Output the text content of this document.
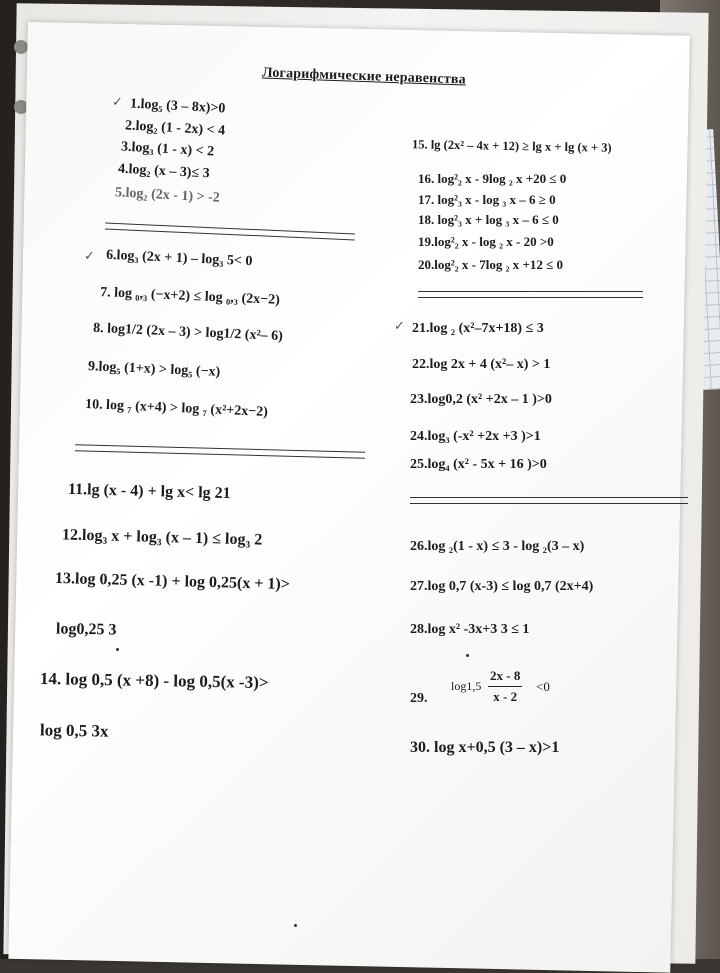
Логарифмические неравенства
✓ 1.log₅ (3 – 8x)>0
2.log₂ (1 - 2x) < 4
3.log₃ (1 - x) < 2
4.log₂ (x – 3)≤ 3
5.log₂ (2x - 1) > -2
✓ 6.log₃ (2x + 1) – log₃ 5< 0
7. log ₀,₃ (−x+2) ≤ log ₀,₃ (2x−2)
8. log1/2 (2x – 3) > log1/2 (x²– 6)
9.log₅ (1+x) > log₅ (−x)
10. log ₇ (x+4) > log ₇ (x²+2x−2)
11.lg (x - 4) + lg x< lg 21
12.log₃ x + log₃ (x – 1) ≤ log₃ 2
13.log 0,25 (x -1) + log 0,25(x + 1)>
log0,25 3
14. log 0,5 (x +8) - log 0,5(x -3)>
log 0,5 3x
15. lg (2x² – 4x + 12) ≥ lg x + lg (x + 3)
16. log²₂ x - 9log ₂ x +20 ≤ 0
17. log²₃ x - log ₃ x – 6 ≥ 0
18. log²₃ x + log ₃ x – 6 ≤ 0
19.log²₂ x - log ₂ x - 20 >0
20.log²₂ x - 7log ₂ x +12 ≤ 0
✓ 21.log ₂ (x²–7x+18) ≤ 3
22.log 2x + 4 (x²– x) > 1
23.log0,2 (x² +2x – 1 )>0
24.log₃ (-x² +2x +3 )>1
25.log₄ (x² - 5x + 16 )>0
26.log ₂(1 - x) ≤ 3 - log ₂(3 – x)
27.log 0,7 (x-3) ≤ log 0,7 (2x+4)
28.log x² -3x+3 3 ≤ 1
29.
$\log 1,5 \frac{2x - 8}{x - 2} <0$
30. log x+0,5 (3 – x)>1
